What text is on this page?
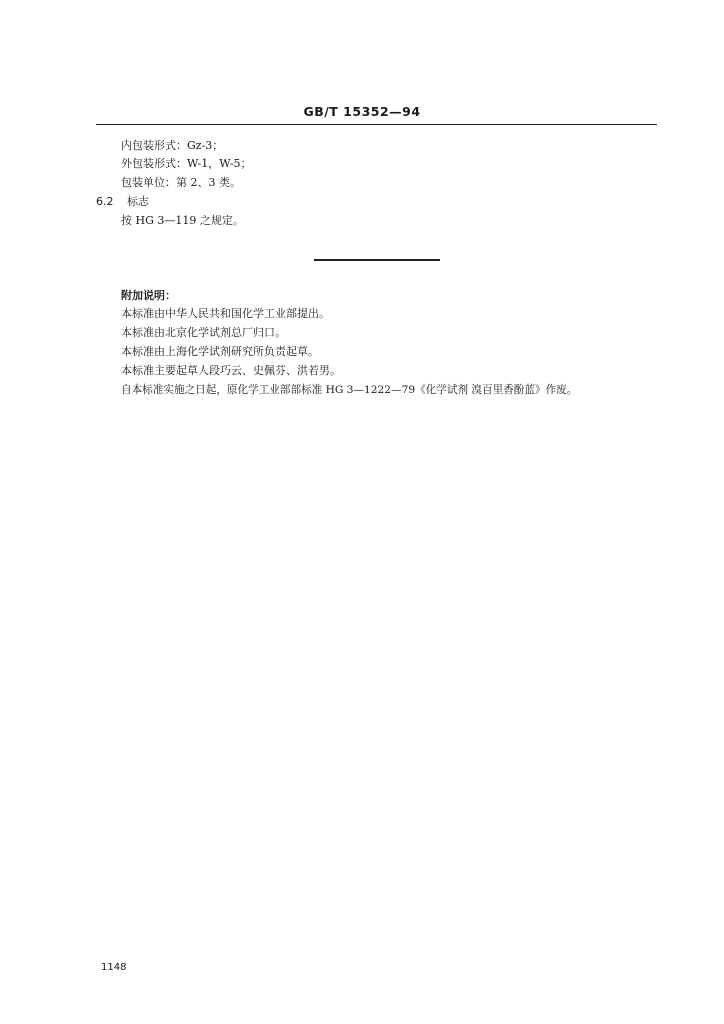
GB/T 15352—94
内包装形式：Gz-3；
外包装形式：W-1，W-5；
包装单位：第 2、3 类。
6.2 标志
按 HG 3—119 之规定。
附加说明：
本标准由中华人民共和国化学工业部提出。
本标准由北京化学试剂总厂归口。
本标准由上海化学试剂研究所负责起草。
本标准主要起草人段巧云、史佩芬、洪若男。
自本标准实施之日起，原化学工业部部标准 HG 3—1222—79《化学试剂 溴百里香酚蓝》作废。
1148
